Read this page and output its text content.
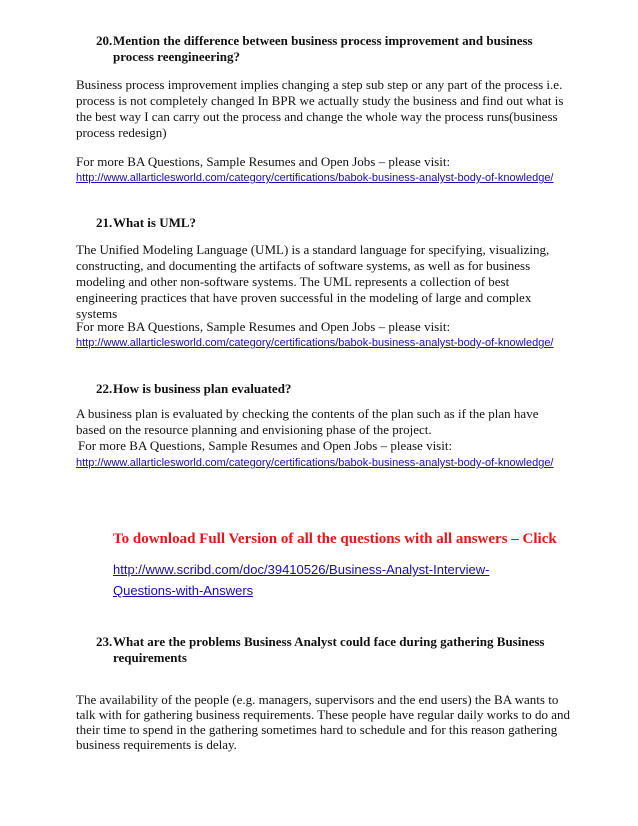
20. Mention the difference between business process improvement and business process reengineering?
Business process improvement implies changing a step sub step or any part of the process i.e. process is not completely changed In BPR we actually study the business and find out what is the best way I can carry out the process and change the whole way the process runs(business process redesign)
For more BA Questions, Sample Resumes and Open Jobs – please visit:
http://www.allarticlesworld.com/category/certifications/babok-business-analyst-body-of-knowledge/
21. What is UML?
The Unified Modeling Language (UML) is a standard language for specifying, visualizing, constructing, and documenting the artifacts of software systems, as well as for business modeling and other non-software systems. The UML represents a collection of best engineering practices that have proven successful in the modeling of large and complex systems
For more BA Questions, Sample Resumes and Open Jobs – please visit:
http://www.allarticlesworld.com/category/certifications/babok-business-analyst-body-of-knowledge/
22. How is business plan evaluated?
A business plan is evaluated by checking the contents of the plan such as if the plan have based on the resource planning and envisioning phase of the project.
For more BA Questions, Sample Resumes and Open Jobs – please visit:
http://www.allarticlesworld.com/category/certifications/babok-business-analyst-body-of-knowledge/
To download Full Version of all the questions with all answers – Click
http://www.scribd.com/doc/39410526/Business-Analyst-Interview-Questions-with-Answers
23. What are the problems Business Analyst could face during gathering Business requirements
The availability of the people (e.g. managers, supervisors and the end users) the BA wants to talk with for gathering business requirements. These people have regular daily works to do and their time to spend in the gathering sometimes hard to schedule and for this reason gathering business requirements is delay.
